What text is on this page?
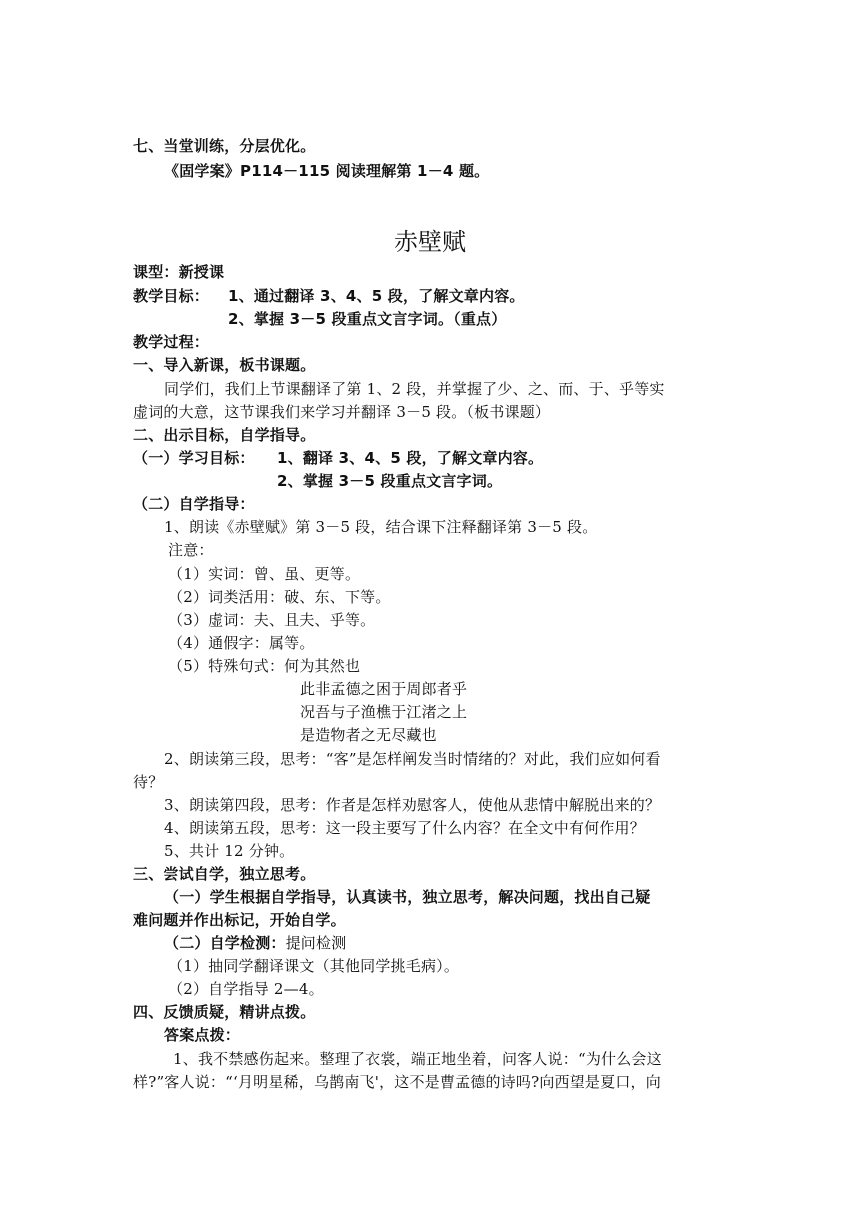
七、当堂训练，分层优化。
《固学案》P114－115 阅读理解第 1－4 题。
赤壁赋
课型：新授课
教学目标： 1、通过翻译 3、4、5 段，了解文章内容。
2、掌握 3－5 段重点文言字词。（重点）
教学过程：
一、导入新课，板书课题。
同学们，我们上节课翻译了第 1、2 段，并掌握了少、之、而、于、乎等实
虚词的大意，这节课我们来学习并翻译 3－5 段。（板书课题）
二、出示目标，自学指导。
（一）学习目标： 1、翻译 3、4、5 段，了解文章内容。
2、掌握 3－5 段重点文言字词。
（二）自学指导：
1、朗读《赤壁赋》第 3－5 段，结合课下注释翻译第 3－5 段。
注意：
（1）实词：曾、虽、更等。
（2）词类活用：破、东、下等。
（3）虚词：夫、且夫、乎等。
（4）通假字：属等。
（5）特殊句式：何为其然也
此非孟德之困于周郎者乎
况吾与子渔樵于江渚之上
是造物者之无尽藏也
2、朗读第三段，思考：“客”是怎样阐发当时情绪的？对此，我们应如何看
待？
3、朗读第四段，思考：作者是怎样劝慰客人，使他从悲情中解脱出来的？
4、朗读第五段，思考：这一段主要写了什么内容？在全文中有何作用？
5、共计 12 分钟。
三、尝试自学，独立思考。
（一）学生根据自学指导，认真读书，独立思考，解决问题，找出自己疑
难问题并作出标记，开始自学。
（二）自学检测：提问检测
（1）抽同学翻译课文（其他同学挑毛病）。
（2）自学指导 2—4。
四、反馈质疑，精讲点拨。
答案点拨：
1、我不禁感伤起来。整理了衣裳，端正地坐着，问客人说：“为什么会这
样?”客人说：“‘月明星稀，乌鹊南飞'，这不是曹孟德的诗吗?向西望是夏口，向
